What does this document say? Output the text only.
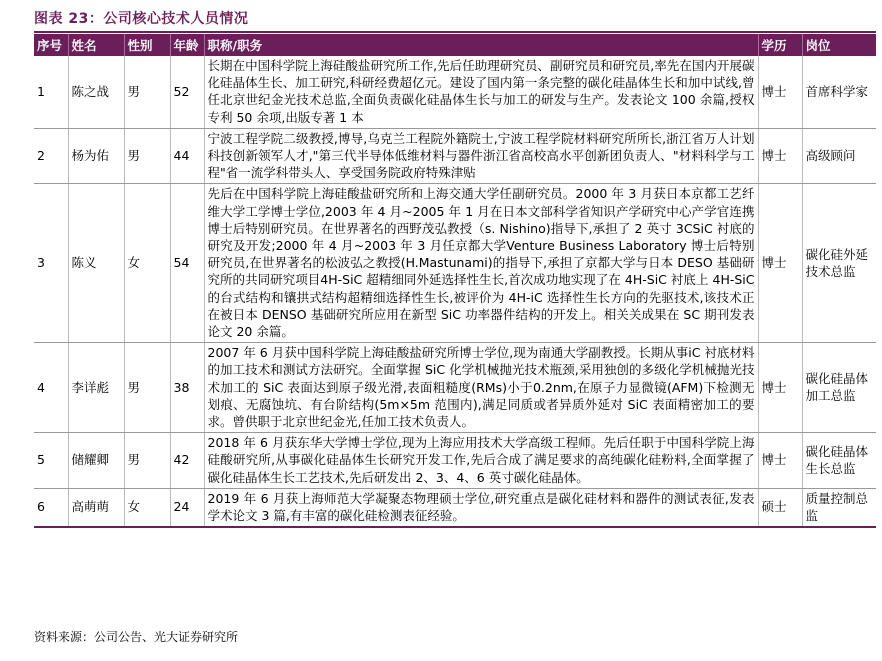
图表 23：公司核心技术人员情况
序号	姓名	性别	年龄	职称/职务	学历	岗位
1	陈之战	男	52	长期在中国科学院上海硅酸盐研究所工作,先后任助理研究员、副研究员和研究员,率先在国内开展碳化硅晶体生长、加工研究,科研经费超亿元。建设了国内第一条完整的碳化硅晶体生长和加中试线,曾任北京世纪金光技术总监,全面负责碳化硅晶体生长与加工的研发与生产。发表论文 100 余篇,授权专利 50 余项,出版专著 1 本	博士	首席科学家
2	杨为佑	男	44	宁波工程学院二级教授,博导,乌克兰工程院外籍院士,宁波工程学院材料研究所所长,浙江省万人计划科技创新领军人才,"第三代半导体低维材料与器件浙江省高校高水平创新团负责人、"材料科学与工程"省一流学科带头人、享受国务院政府特殊津贴	博士	高级顾问
3	陈义	女	54	先后在中国科学院上海硅酸盐研究所和上海交通大学任副研究员。2000 年 3 月获日本京都工艺纤维大学工学博士学位,2003 年 4 月~2005 年 1 月在日本文部科学省知识产学研究中心产学官连携博士后特别研究员。在世界著名的西野茂弘教授（s. Nishino)指导下,承担了 2 英寸 3CSiC 衬底的研究及开发;2000 年 4 月~2003 年 3 月任京都大学Venture Business Laboratory 博士后特别研究员,在世界著名的松波弘之教授(H.Mastunami)的指导下,承担了京都大学与日本 DESO 基础研究所的共同研究项目4H-SiC 超精细同外延选择性生长,首次成功地实现了在 4H-SiC 衬底上 4H-SiC 的台式结构和镶拱式结构超精细选择性生长,被评价为 4H-iC 选择性生长方向的先驱技术,该技术正在被日本 DENSO 基础研究所应用在新型 SiC 功率器件结构的开发上。相关关成果在 SC 期刊发表论文 20 余篇。	博士	碳化硅外延技术总监
4	李详彪	男	38	2007 年 6 月获中国科学院上海硅酸盐研究所博士学位,现为南通大学副教授。长期从事iC 衬底材料的加工技术和测试方法研究。全面掌握 SiC 化学机械抛光技术瓶颈,采用独创的多级化学机械抛光技术加工的 SiC 表面达到原子级光滑,表面粗糙度(RMs)小于0.2nm,在原子力显微镜(AFM)下检测无划痕、无腐蚀坑、有台阶结构(5m×5m 范围内),满足同质或者异质外延对 SiC 表面精密加工的要求。曾供职于北京世纪金光,任加工技术负责人。	博士	碳化硅晶体加工总监
5	储耀卿	男	42	2018 年 6 月获东华大学博士学位,现为上海应用技术大学高级工程师。先后任职于中国科学院上海硅酸研究所,从事碳化硅晶体生长研究开发工作,先后合成了满足要求的高纯碳化硅粉料,全面掌握了碳化硅晶体生长工艺技术,先后研发出 2、3、4、6 英寸碳化硅晶体。	博士	碳化硅晶体生长总监
6	高萌萌	女	24	2019 年 6 月获上海师范大学凝聚态物理硕士学位,研究重点是碳化硅材料和器件的测试表征,发表学术论文 3 篇,有丰富的碳化硅检测表征经验。	硕士	质量控制总监
资料来源：公司公告、光大证券研究所
